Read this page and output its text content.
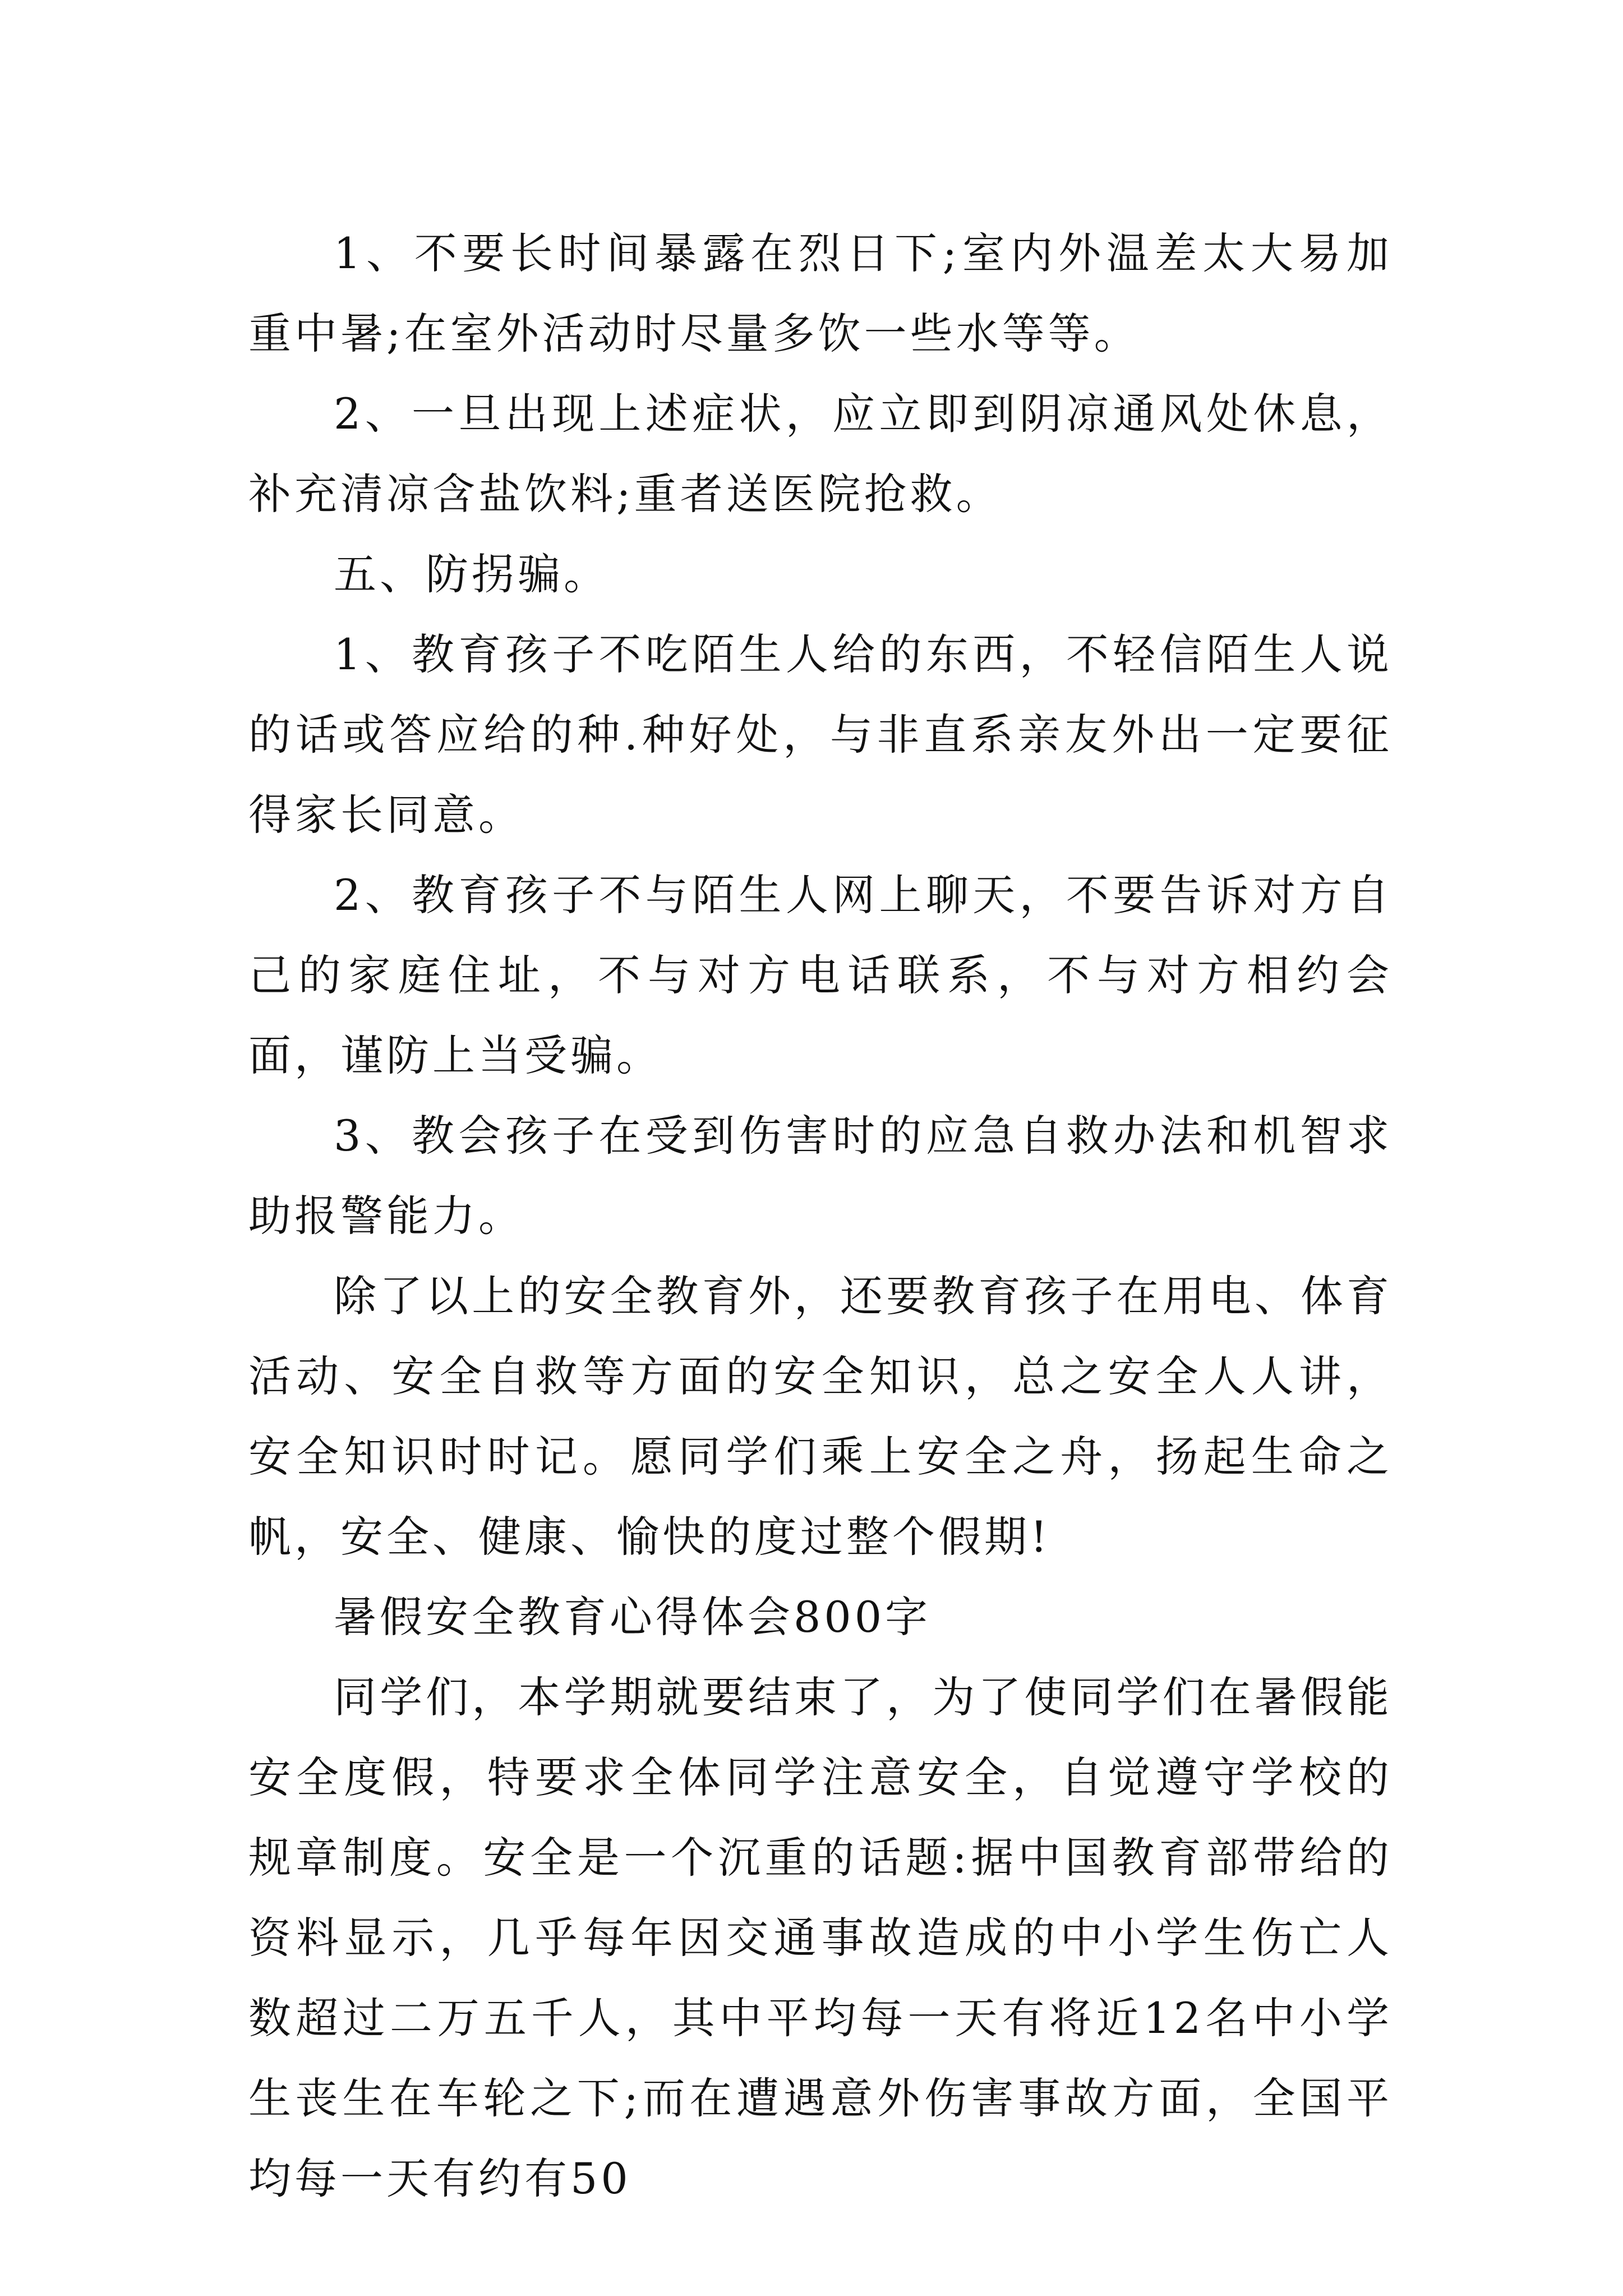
1、不要长时间暴露在烈日下;室内外温差太大易加重中暑;在室外活动时尽量多饮一些水等等。

2、一旦出现上述症状，应立即到阴凉通风处休息，补充清凉含盐饮料;重者送医院抢救。

五、防拐骗。

1、教育孩子不吃陌生人给的东西，不轻信陌生人说的话或答应给的种.种好处，与非直系亲友外出一定要征得家长同意。

2、教育孩子不与陌生人网上聊天，不要告诉对方自己的家庭住址，不与对方电话联系，不与对方相约会面，谨防上当受骗。

3、教会孩子在受到伤害时的应急自救办法和机智求助报警能力。

除了以上的安全教育外，还要教育孩子在用电、体育活动、安全自救等方面的安全知识，总之安全人人讲，安全知识时时记。愿同学们乘上安全之舟，扬起生命之帆，安全、健康、愉快的度过整个假期!

暑假安全教育心得体会800字

同学们，本学期就要结束了，为了使同学们在暑假能安全度假，特要求全体同学注意安全，自觉遵守学校的规章制度。安全是一个沉重的话题:据中国教育部带给的资料显示，几乎每年因交通事故造成的中小学生伤亡人数超过二万五千人，其中平均每一天有将近12名中小学生丧生在车轮之下;而在遭遇意外伤害事故方面，全国平均每一天有约有50
